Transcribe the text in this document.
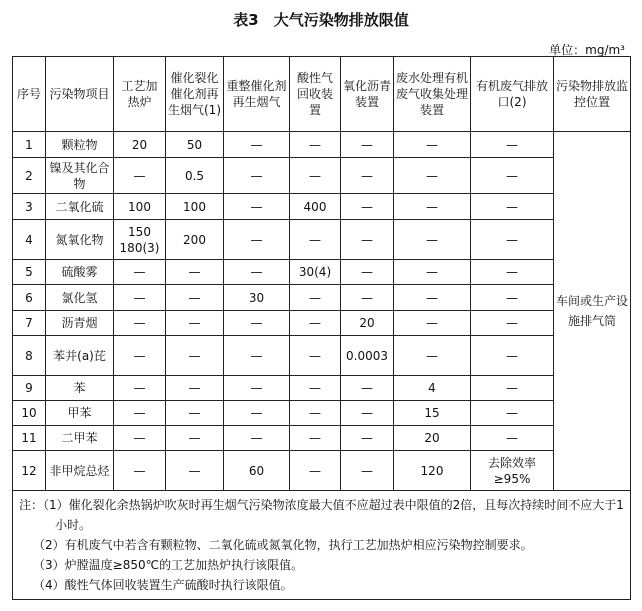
表3　大气污染物排放限值
单位：mg/m³
序号	污染物项目	工艺加热炉	催化裂化催化剂再生烟气(1)	重整催化剂再生烟气	酸性气回收装置	氧化沥青装置	废水处理有机废气收集处理装置	有机废气排放口(2)	污染物排放监控位置
1	颗粒物	20	50	—	—	—	—	—	车间或生产设施排气筒
2	镍及其化合物	—	0.5	—	—	—	—	—	
3	二氧化硫	100	100	—	400	—	—	—	
4	氮氧化物	150 180(3)	200	—	—	—	—	—	
5	硫酸雾	—	—	—	30(4)	—	—	—	
6	氯化氢	—	—	30	—	—	—	—	
7	沥青烟	—	—	—	—	20	—	—	
8	苯并(a)芘	—	—	—	—	0.0003	—	—	
9	苯	—	—	—	—	—	4	—	
10	甲苯	—	—	—	—	—	15	—	
11	二甲苯	—	—	—	—	—	20	—	
12	非甲烷总烃	—	—	60	—	—	120	去除效率≥95%	

注：（1）催化裂化余热锅炉吹灰时再生烟气污染物浓度最大值不应超过表中限值的2倍，且每次持续时间不应大于1小时。
（2）有机废气中若含有颗粒物、二氧化硫或氮氧化物，执行工艺加热炉相应污染物控制要求。
（3）炉膛温度≥850℃的工艺加热炉执行该限值。
（4）酸性气体回收装置生产硫酸时执行该限值。									
